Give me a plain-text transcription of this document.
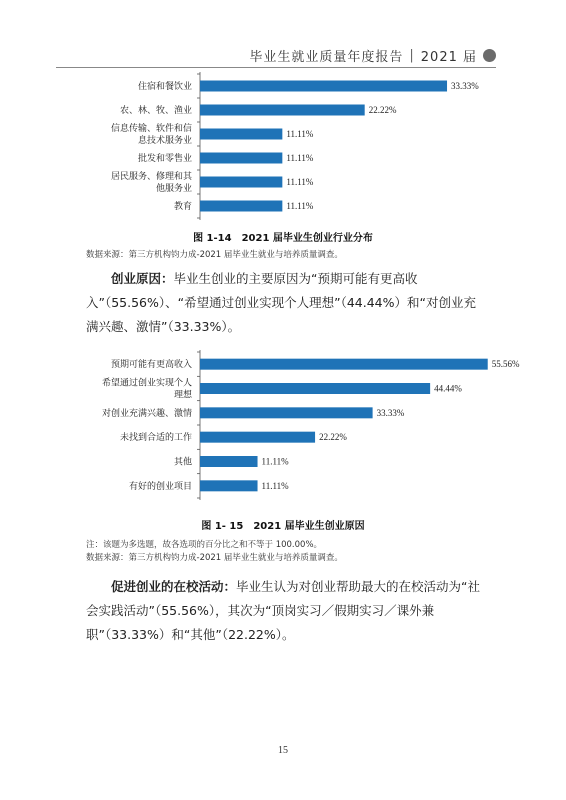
毕业生就业质量年度报告 | 2021 届
33.33%
住宿和餐饮业
22.22%
农、林、牧、渔业
11.11%
信息传输、软件和信息技术服务业
11.11%
批发和零售业
11.11%
居民服务、修理和其他服务业
11.11%
教育
图 1-14　2021 届毕业生创业行业分布
数据来源：第三方机构钧力成-2021 届毕业生就业与培养质量调查。
创业原因：毕业生创业的主要原因为“预期可能有更高收入”（55.56%）、“希望通过创业实现个人理想”（44.44%）和“对创业充满兴趣、激情”（33.33%）。
55.56%
预期可能有更高收入
44.44%
希望通过创业实现个人理想
33.33%
对创业充满兴趣、激情
22.22%
未找到合适的工作
11.11%
其他
11.11%
有好的创业项目
图 1- 15　2021 届毕业生创业原因
注：该题为多选题，故各选项的百分比之和不等于 100.00%。
数据来源：第三方机构钧力成-2021 届毕业生就业与培养质量调查。
促进创业的在校活动：毕业生认为对创业帮助最大的在校活动为“社会实践活动”（55.56%），其次为“顶岗实习／假期实习／课外兼职”（33.33%）和“其他”（22.22%）。
15
